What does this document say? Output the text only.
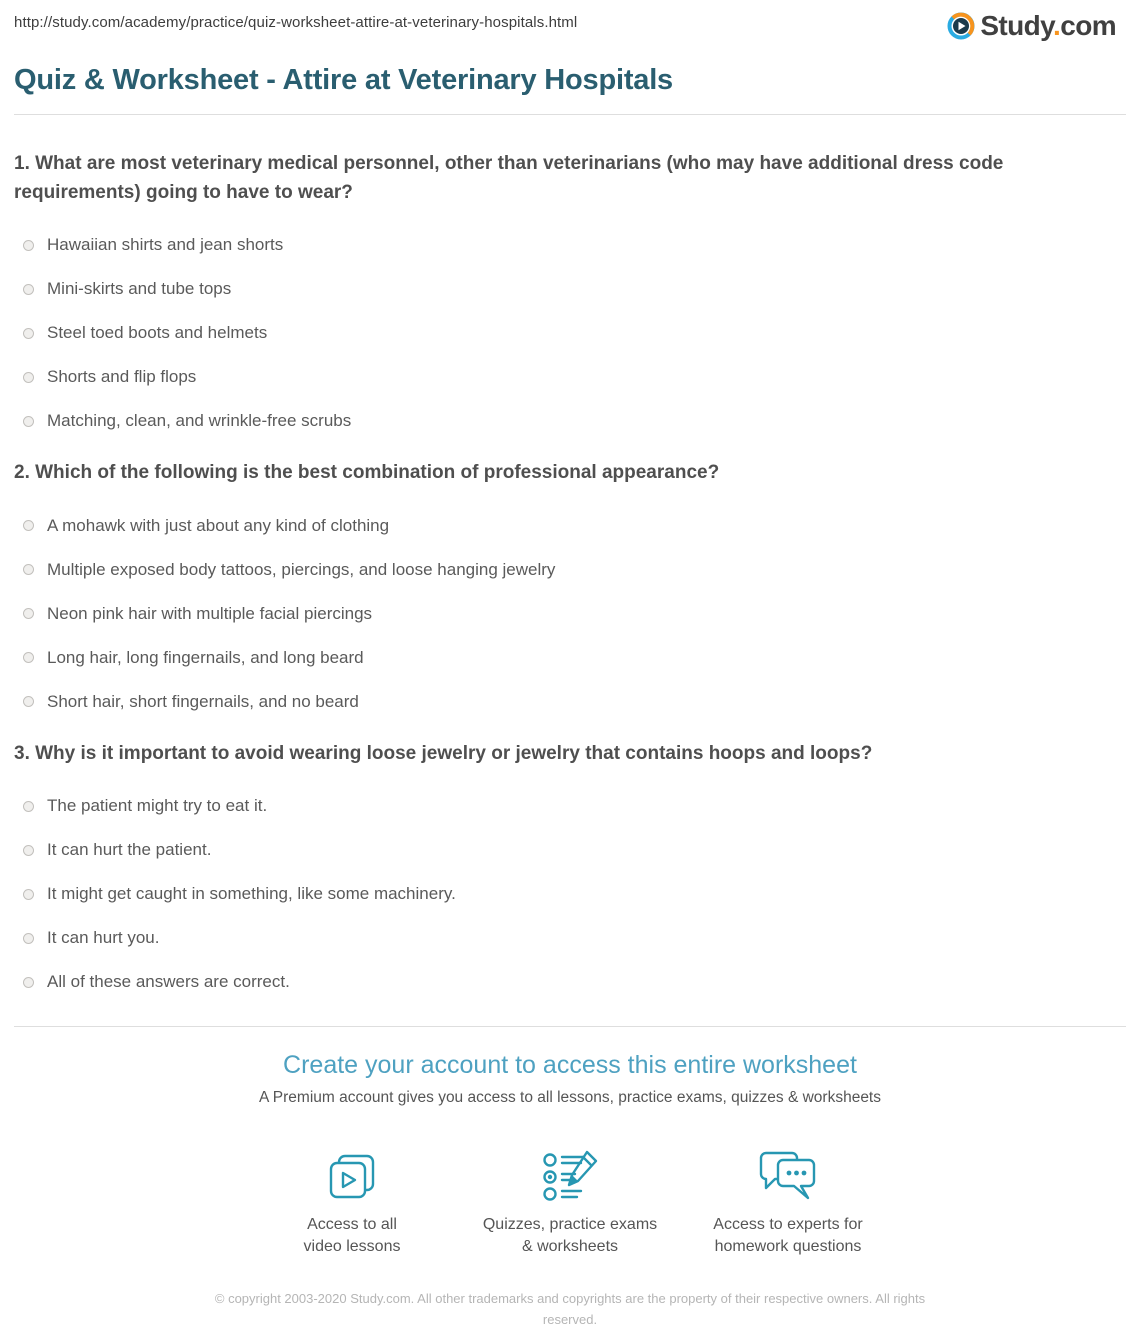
http://study.com/academy/practice/quiz-worksheet-attire-at-veterinary-hospitals.html	Study.com
Quiz & Worksheet - Attire at Veterinary Hospitals
1. What are most veterinary medical personnel, other than veterinarians (who may have additional dress code requirements) going to have to wear?
Hawaiian shirts and jean shorts
Mini-skirts and tube tops
Steel toed boots and helmets
Shorts and flip flops
Matching, clean, and wrinkle-free scrubs
2. Which of the following is the best combination of professional appearance?
A mohawk with just about any kind of clothing
Multiple exposed body tattoos, piercings, and loose hanging jewelry
Neon pink hair with multiple facial piercings
Long hair, long fingernails, and long beard
Short hair, short fingernails, and no beard
3. Why is it important to avoid wearing loose jewelry or jewelry that contains hoops and loops?
The patient might try to eat it.
It can hurt the patient.
It might get caught in something, like some machinery.
It can hurt you.
All of these answers are correct.
Create your account to access this entire worksheet
A Premium account gives you access to all lessons, practice exams, quizzes & worksheets
Access to all
video lessons
Quizzes, practice exams
& worksheets
Access to experts for
homework questions
© copyright 2003-2020 Study.com. All other trademarks and copyrights are the property of their respective owners. All rights reserved.
